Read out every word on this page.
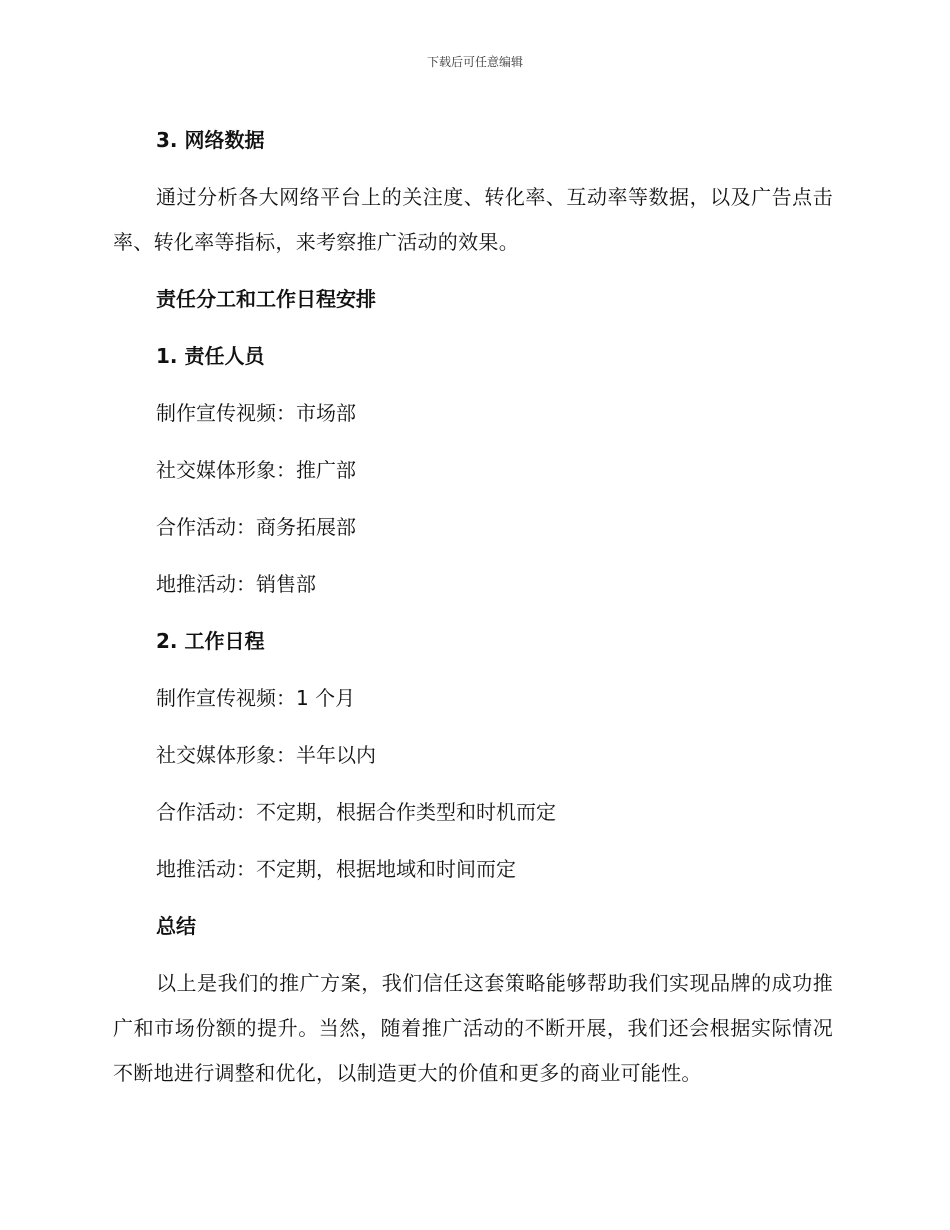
下载后可任意编辑
3. 网络数据
通过分析各大网络平台上的关注度、转化率、互动率等数据，以及广告点击率、转化率等指标，来考察推广活动的效果。
责任分工和工作日程安排
1. 责任人员
制作宣传视频：市场部
社交媒体形象：推广部
合作活动：商务拓展部
地推活动：销售部
2. 工作日程
制作宣传视频：1 个月
社交媒体形象：半年以内
合作活动：不定期，根据合作类型和时机而定
地推活动：不定期，根据地域和时间而定
总结
以上是我们的推广方案，我们信任这套策略能够帮助我们实现品牌的成功推广和市场份额的提升。当然，随着推广活动的不断开展，我们还会根据实际情况不断地进行调整和优化，以制造更大的价值和更多的商业可能性。
